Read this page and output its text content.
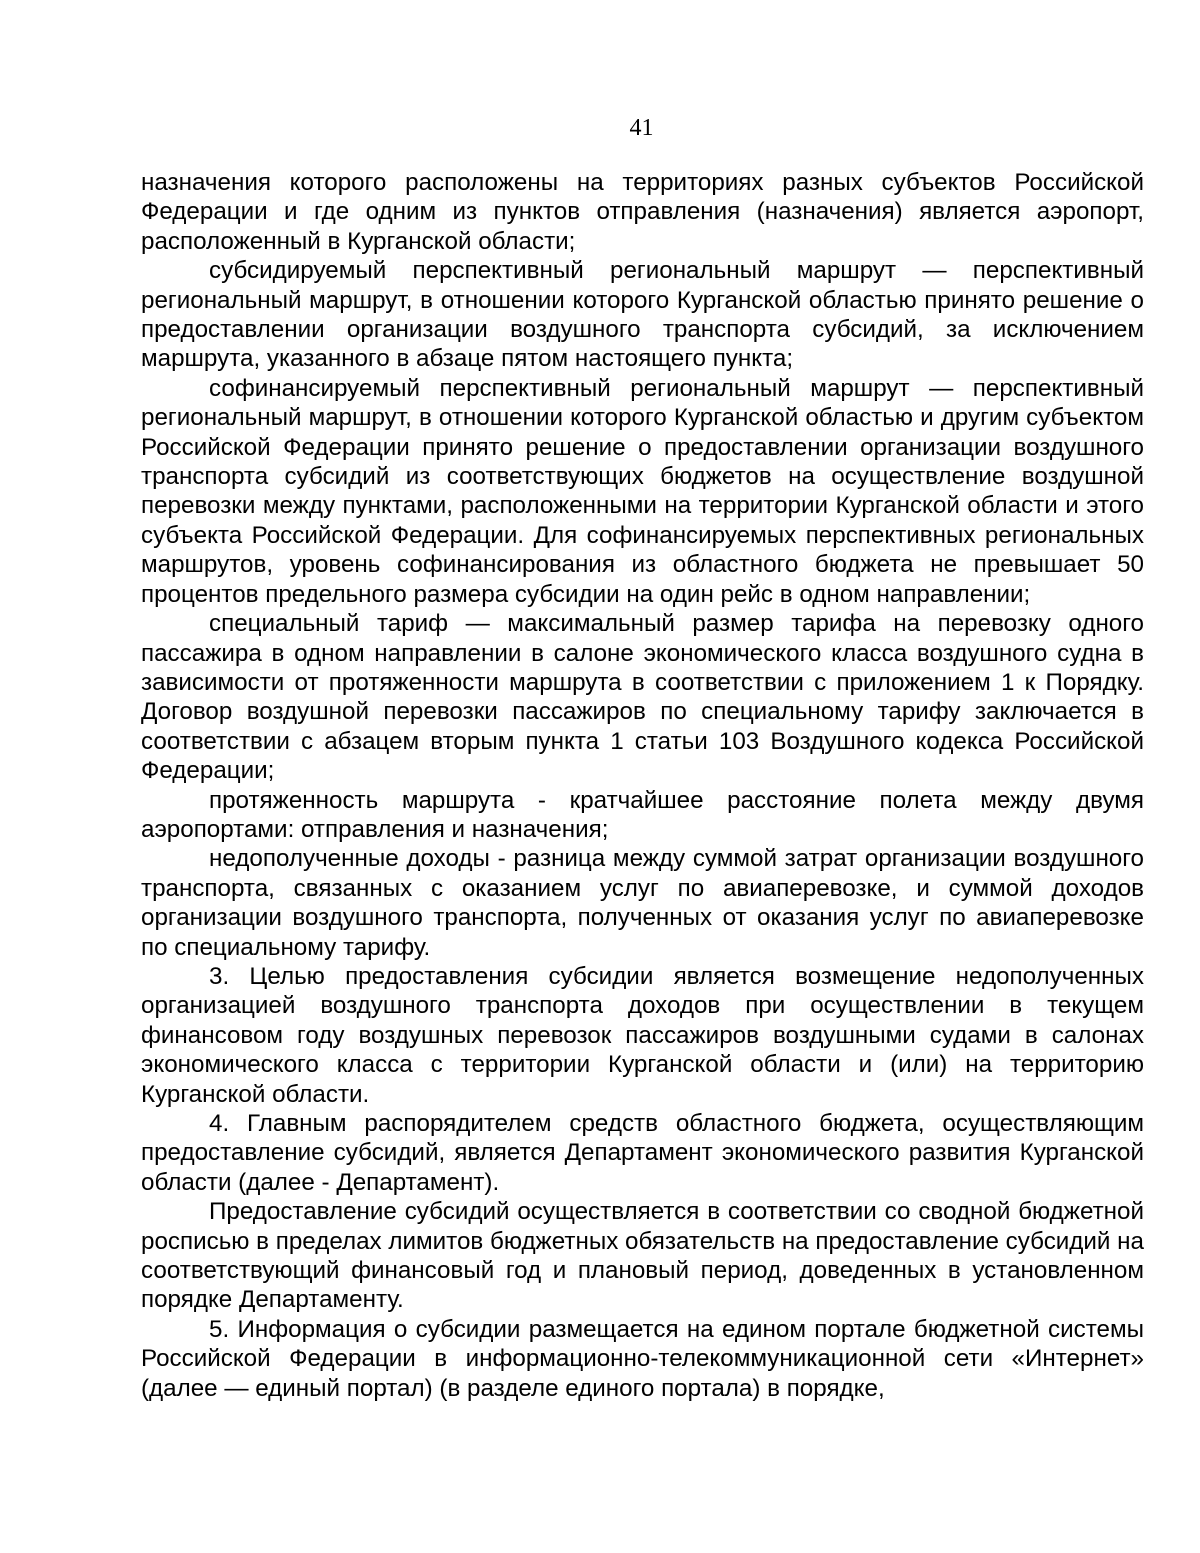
41

назначения которого расположены на территориях разных субъектов Российской Федерации и где одним из пунктов отправления (назначения) является аэропорт, расположенный в Курганской области;

субсидируемый перспективный региональный маршрут — перспективный региональный маршрут, в отношении которого Курганской областью принято решение о предоставлении организации воздушного транспорта субсидий, за исключением маршрута, указанного в абзаце пятом настоящего пункта;

софинансируемый перспективный региональный маршрут — перспективный региональный маршрут, в отношении которого Курганской областью и другим субъектом Российской Федерации принято решение о предоставлении организации воздушного транспорта субсидий из соответствующих бюджетов на осуществление воздушной перевозки между пунктами, расположенными на территории Курганской области и этого субъекта Российской Федерации. Для софинансируемых перспективных региональных маршрутов, уровень софинансирования из областного бюджета не превышает 50 процентов предельного размера субсидии на один рейс в одном направлении;

специальный тариф — максимальный размер тарифа на перевозку одного пассажира в одном направлении в салоне экономического класса воздушного судна в зависимости от протяженности маршрута в соответствии с приложением 1 к Порядку. Договор воздушной перевозки пассажиров по специальному тарифу заключается в соответствии с абзацем вторым пункта 1 статьи 103 Воздушного кодекса Российской Федерации;

протяженность маршрута - кратчайшее расстояние полета между двумя аэропортами: отправления и назначения;

недополученные доходы - разница между суммой затрат организации воздушного транспорта, связанных с оказанием услуг по авиаперевозке, и суммой доходов организации воздушного транспорта, полученных от оказания услуг по авиаперевозке по специальному тарифу.

3. Целью предоставления субсидии является возмещение недополученных организацией воздушного транспорта доходов при осуществлении в текущем финансовом году воздушных перевозок пассажиров воздушными судами в салонах экономического класса с территории Курганской области и (или) на территорию Курганской области.

4. Главным распорядителем средств областного бюджета, осуществляющим предоставление субсидий, является Департамент экономического развития Курганской области (далее - Департамент).

Предоставление субсидий осуществляется в соответствии со сводной бюджетной росписью в пределах лимитов бюджетных обязательств на предоставление субсидий на соответствующий финансовый год и плановый период, доведенных в установленном порядке Департаменту.

5. Информация о субсидии размещается на едином портале бюджетной системы Российской Федерации в информационно-телекоммуникационной сети «Интернет» (далее — единый портал) (в разделе единого портала) в порядке,
